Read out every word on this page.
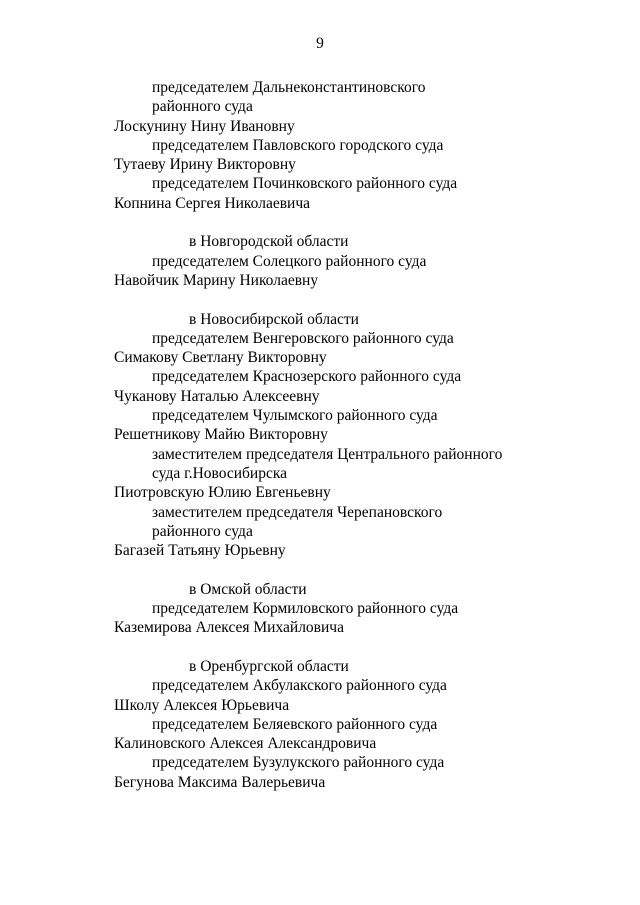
9
председателем Дальнеконстантиновского
районного суда
Лоскунину Нину Ивановну
председателем Павловского городского суда
Тутаеву Ирину Викторовну
председателем Починковского районного суда
Копнина Сергея Николаевича
в Новгородской области
председателем Солецкого районного суда
Навойчик Марину Николаевну
в Новосибирской области
председателем Венгеровского районного суда
Симакову Светлану Викторовну
председателем Краснозерского районного суда
Чуканову Наталью Алексеевну
председателем Чулымского районного суда
Решетникову Майю Викторовну
заместителем председателя Центрального районного
суда г.Новосибирска
Пиотровскую Юлию Евгеньевну
заместителем председателя Черепановского
районного суда
Багазей Татьяну Юрьевну
в Омской области
председателем Кормиловского районного суда
Каземирова Алексея Михайловича
в Оренбургской области
председателем Акбулакского районного суда
Школу Алексея Юрьевича
председателем Беляевского районного суда
Калиновского Алексея Александровича
председателем Бузулукского районного суда
Бегунова Максима Валерьевича
